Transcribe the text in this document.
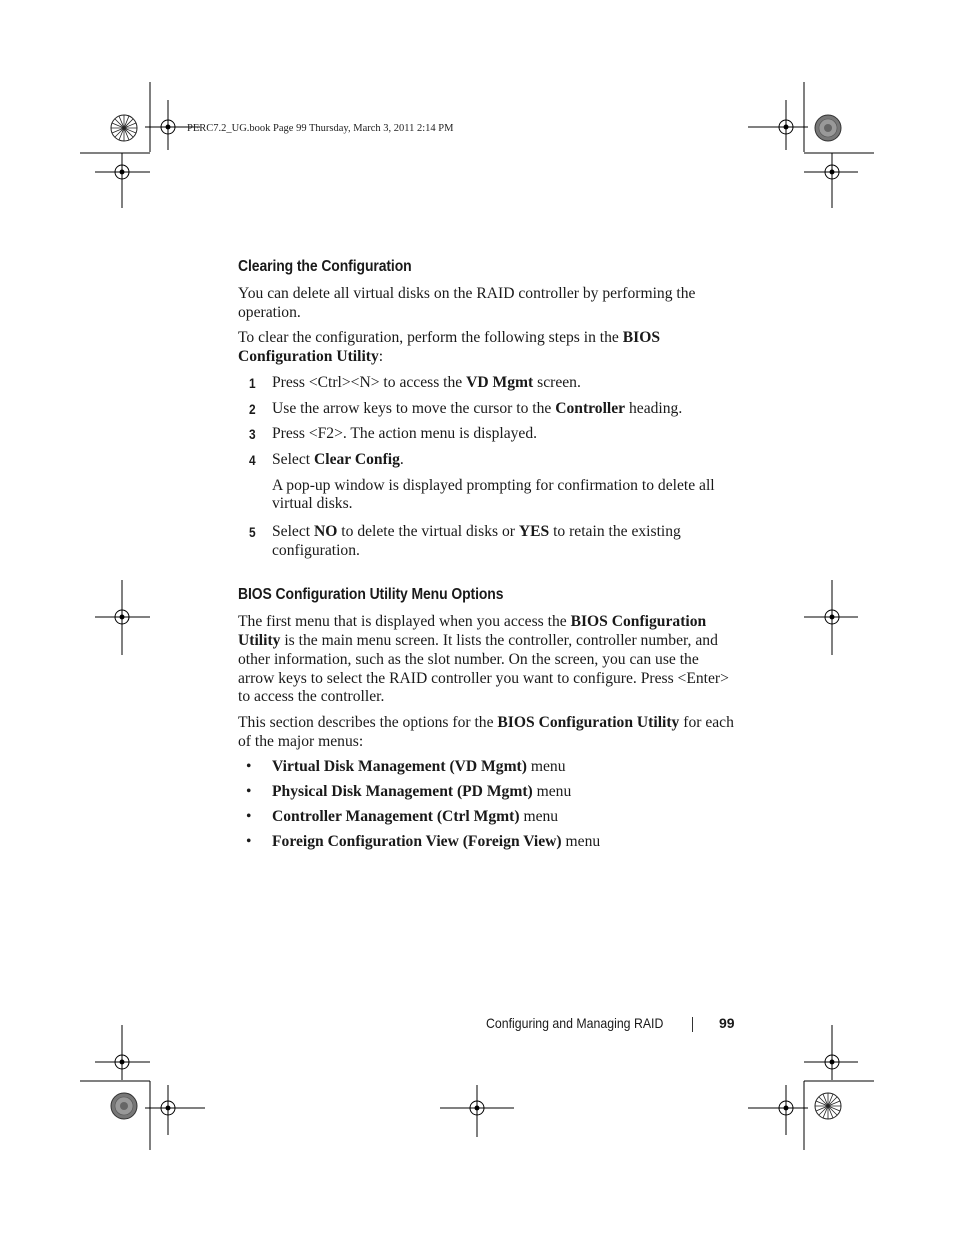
PERC7.2_UG.book Page 99 Thursday, March 3, 2011 2:14 PM
Clearing the Configuration

You can delete all virtual disks on the RAID controller by performing the operation.

To clear the configuration, perform the following steps in the BIOS Configuration Utility:

1 Press <Ctrl><N> to access the VD Mgmt screen.
2 Use the arrow keys to move the cursor to the Controller heading.
3 Press <F2>. The action menu is displayed.
4 Select Clear Config.

A pop-up window is displayed prompting for confirmation to delete all virtual disks.

5 Select NO to delete the virtual disks or YES to retain the existing configuration.
BIOS Configuration Utility Menu Options

The first menu that is displayed when you access the BIOS Configuration Utility is the main menu screen. It lists the controller, controller number, and other information, such as the slot number. On the screen, you can use the arrow keys to select the RAID controller you want to configure. Press <Enter> to access the controller.

This section describes the options for the BIOS Configuration Utility for each of the major menus:

• Virtual Disk Management (VD Mgmt) menu
• Physical Disk Management (PD Mgmt) menu
• Controller Management (Ctrl Mgmt) menu
• Foreign Configuration View (Foreign View) menu
Configuring and Managing RAID	99
